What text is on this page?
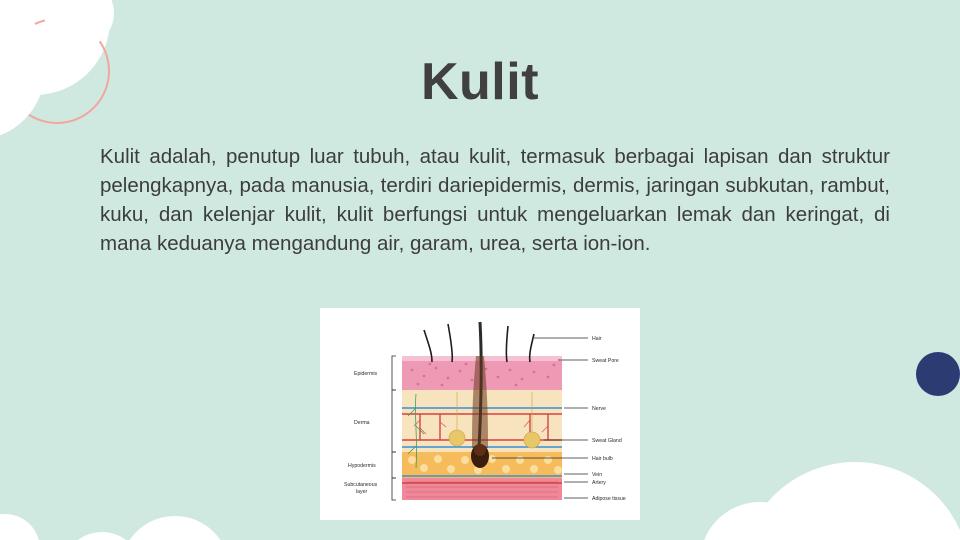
Kulit
Kulit adalah, penutup luar tubuh, atau kulit, termasuk berbagai lapisan dan struktur pelengkapnya, pada manusia, terdiri dariepidermis, dermis, jaringan subkutan, rambut, kuku, dan kelenjar kulit, kulit berfungsi untuk mengeluarkan lemak dan keringat, di mana keduanya mengandung air, garam, urea, serta ion-ion.
Epidermis
Derma
Hypodermis
Subcutaneous
layer
Hair
Sweat Pore
Nerve
Sweat Gland
Hair bulb
Vein
Artery
Adipose tissue
